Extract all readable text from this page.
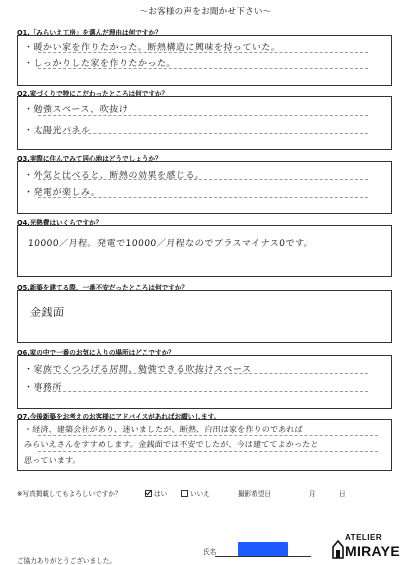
～お客様の声をお聞かせ下さい～
Q1.「みらいえ工房」を選んだ理由は何ですか？
・暖かい家を作りたかった。断熱構造に興味を持っていた。
・しっかりした家を作りたかった。
Q2.家づくりで特にこだわったところは何ですか？
・勉強スペース、吹抜け
・太陽光パネル
Q3.実際に住んでみて居心地はどうでしょうか？
・外気と比べると、断熱の効果を感じる。
・発電が楽しみ。
Q4.光熱費はいくらですか？
10000／月程。発電で10000／月程なのでプラスマイナス0です。
Q5.新築を建てる際、一番不安だったところは何ですか？
金銭面
Q6.家の中で一番のお気に入りの場所はどこですか？
・家族でくつろげる居間、勉強できる吹抜けスペース
・事務所
Q7.今後新築をお考えのお客様にアドバイスがあればお願いします。
・経済、建築会社があり、迷いましたが、断熱、白田は家を作りのであれば
みらいえさんをすすめします。金銭面では不安でしたが、今は建ててよかったと
思っています。
※写真掲載してもよろしいですか？	はい	いいえ	撮影希望日	月	日
氏名
ご協力ありがとうございました。
ATELIER
MIRAYE
